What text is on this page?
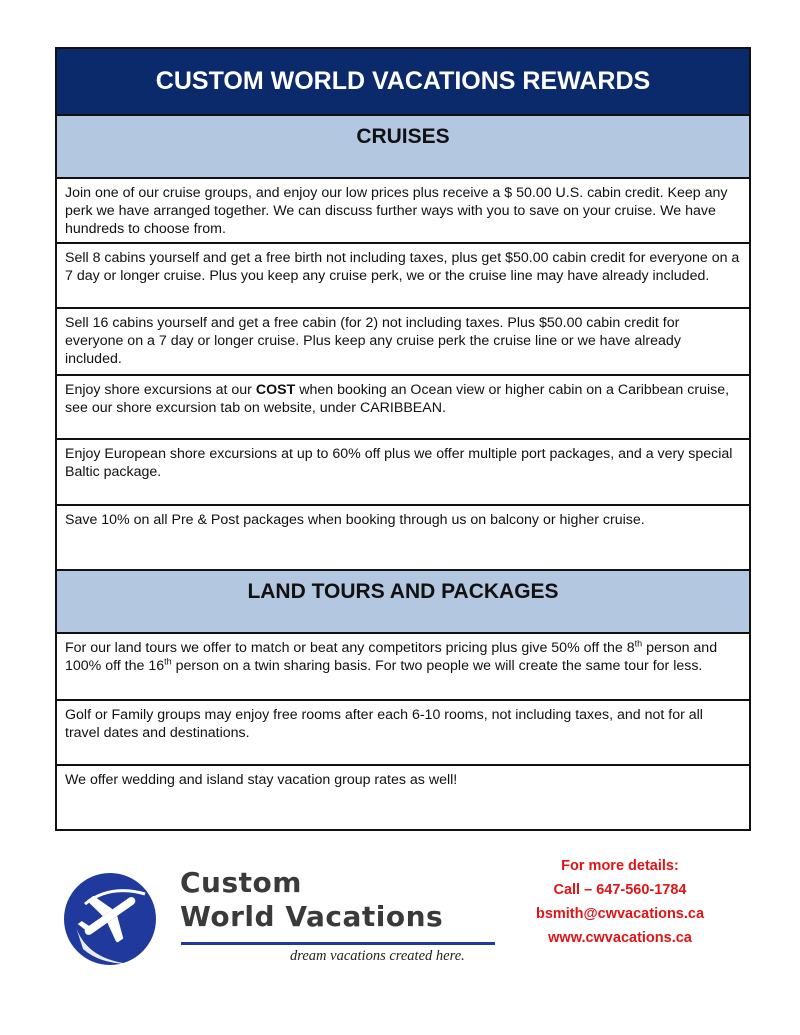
CUSTOM WORLD VACATIONS REWARDS
CRUISES
Join one of our cruise groups, and enjoy our low prices plus receive a $ 50.00 U.S. cabin credit. Keep any perk we have arranged together. We can discuss further ways with you to save on your cruise. We have hundreds to choose from.
Sell 8 cabins yourself and get a free birth not including taxes, plus get $50.00 cabin credit for everyone on a 7 day or longer cruise. Plus you keep any cruise perk, we or the cruise line may have already included.
Sell 16 cabins yourself and get a free cabin (for 2) not including taxes. Plus $50.00 cabin credit for everyone on a 7 day or longer cruise. Plus keep any cruise perk the cruise line or we have already included.
Enjoy shore excursions at our COST when booking an Ocean view or higher cabin on a Caribbean cruise, see our shore excursion tab on website, under CARIBBEAN.
Enjoy European shore excursions at up to 60% off plus we offer multiple port packages, and a very special Baltic package.
Save 10% on all Pre & Post packages when booking through us on balcony or higher cruise.
LAND TOURS AND PACKAGES
For our land tours we offer to match or beat any competitors pricing plus give 50% off the 8th person and 100% off the 16th person on a twin sharing basis. For two people we will create the same tour for less.
Golf or Family groups may enjoy free rooms after each 6-10 rooms, not including taxes, and not for all travel dates and destinations.
We offer wedding and island stay vacation group rates as well!
Custom
World Vacations
dream vacations created here.
For more details:
Call – 647-560-1784
bsmith@cwvacations.ca
www.cwvacations.ca
